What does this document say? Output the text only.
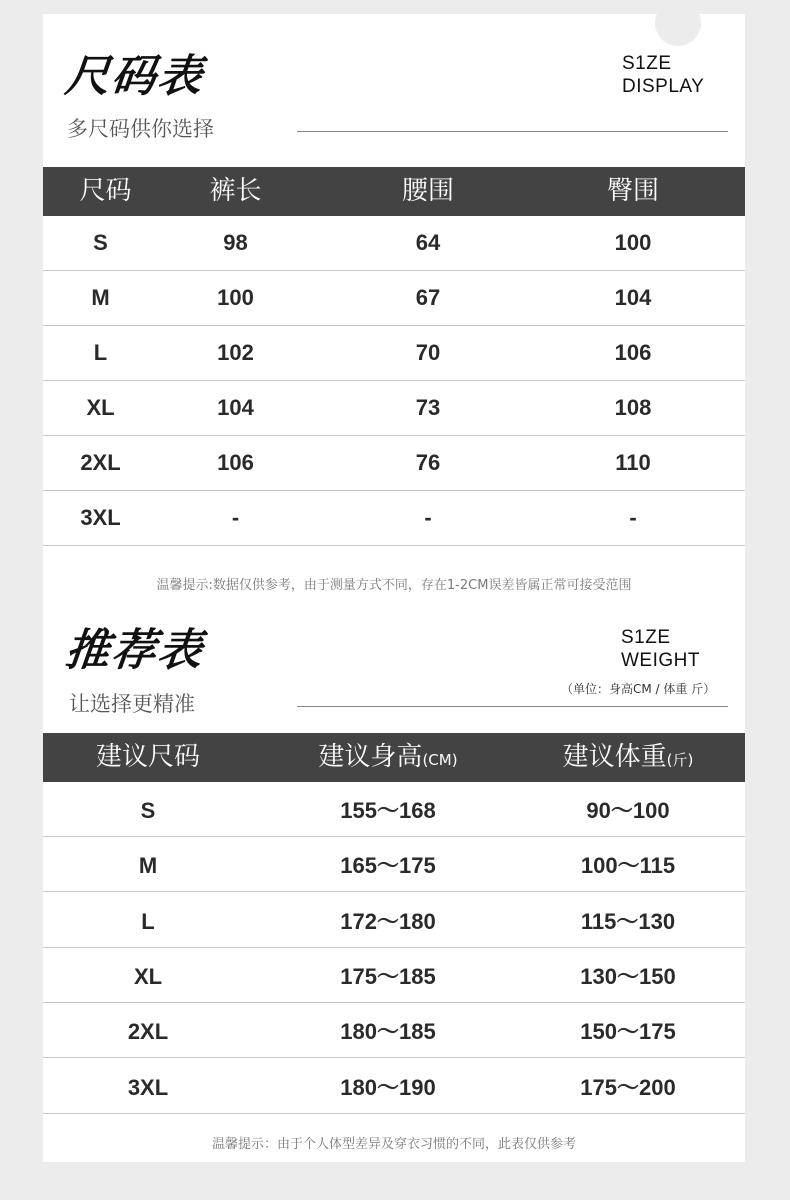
尺码表
多尺码供你选择
S1ZE
DISPLAY
尺码	裤长	腰围	臀围
S	98	64	100
M	100	67	104
L	102	70	106
XL	104	73	108
2XL	106	76	110
3XL	-	-	-
温馨提示:数据仅供参考，由于测量方式不同，存在1-2CM误差皆属正常可接受范围
推荐表
让选择更精准
S1ZE
WEIGHT
（单位：身高CM / 体重 斤）
建议尺码	建议身高(CM)	建议体重(斤)
S	155～168	90～100
M	165～175	100～115
L	172～180	115～130
XL	175～185	130～150
2XL	180～185	150～175
3XL	180～190	175～200
温馨提示：由于个人体型差异及穿衣习惯的不同，此表仅供参考
